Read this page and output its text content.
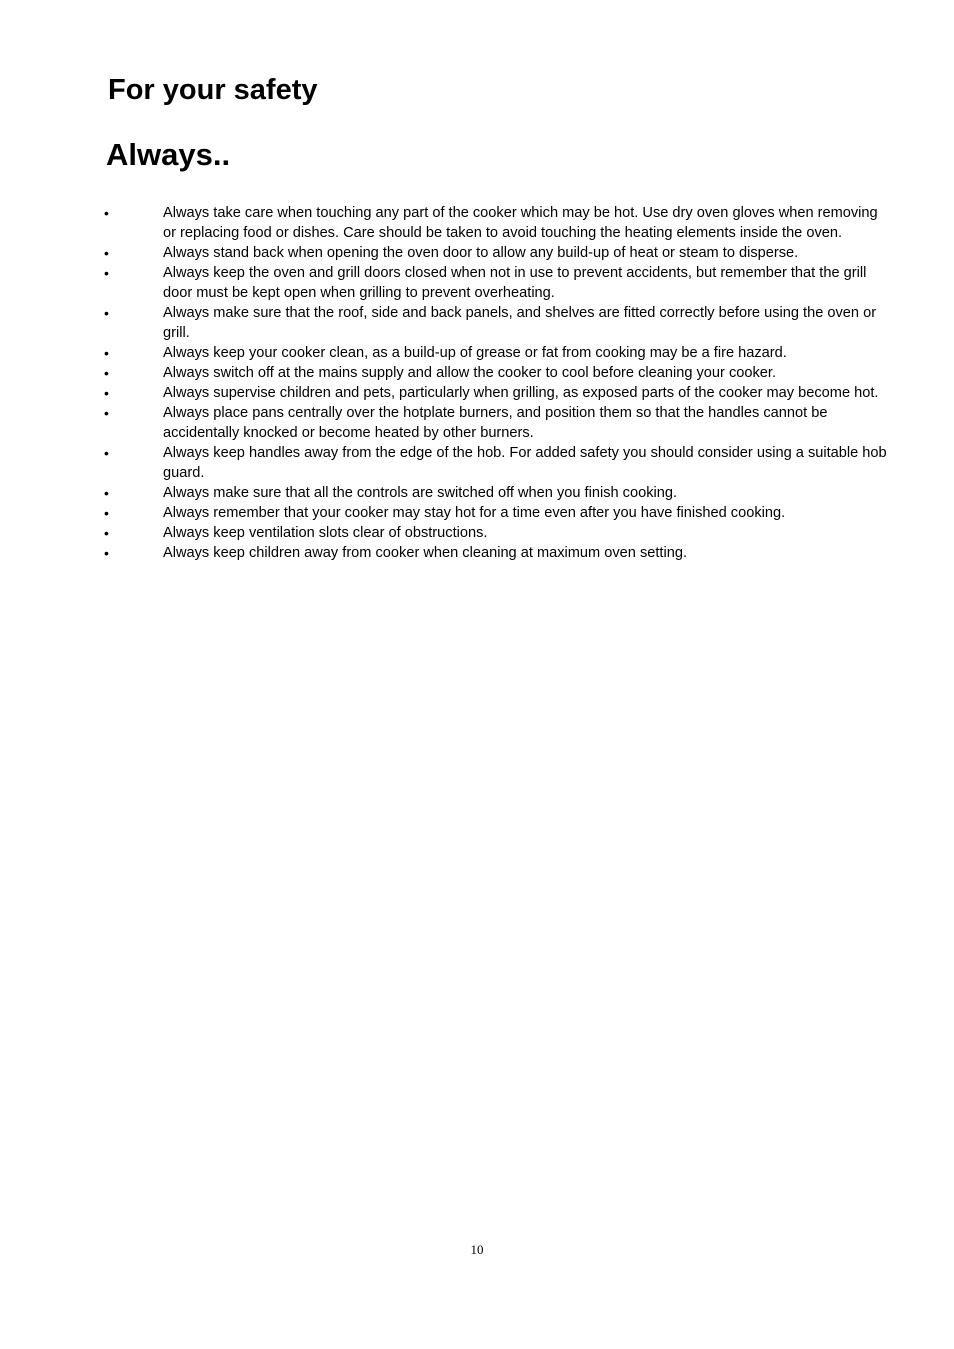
For your safety
Always..
•	Always take care when touching any part of the cooker which may be hot. Use dry oven gloves when removing or replacing food or dishes. Care should be taken to avoid touching the heating elements inside the oven.
•	Always stand back when opening the oven door to allow any build-up of heat or steam to disperse.
•	Always keep the oven and grill doors closed when not in use to prevent accidents, but remember that the grill door must be kept open when grilling to prevent overheating.
•	Always make sure that the roof, side and back panels, and shelves are fitted correctly before using the oven or grill.
•	Always keep your cooker clean, as a build-up of grease or fat from cooking may be a fire hazard.
•	Always switch off at the mains supply and allow the cooker to cool before cleaning your cooker.
•	Always supervise children and pets, particularly when grilling, as exposed parts of the cooker may become hot.
•	Always place pans centrally over the hotplate burners, and position them so that the handles cannot be accidentally knocked or become heated by other burners.
•	Always keep handles away from the edge of the hob. For added safety you should consider using a suitable hob guard.
•	Always make sure that all the controls are switched off when you finish cooking.
•	Always remember that your cooker may stay hot for a time even after you have finished cooking.
•	Always keep ventilation slots clear of obstructions.
•	Always keep children away from cooker when cleaning at maximum oven setting.
10
